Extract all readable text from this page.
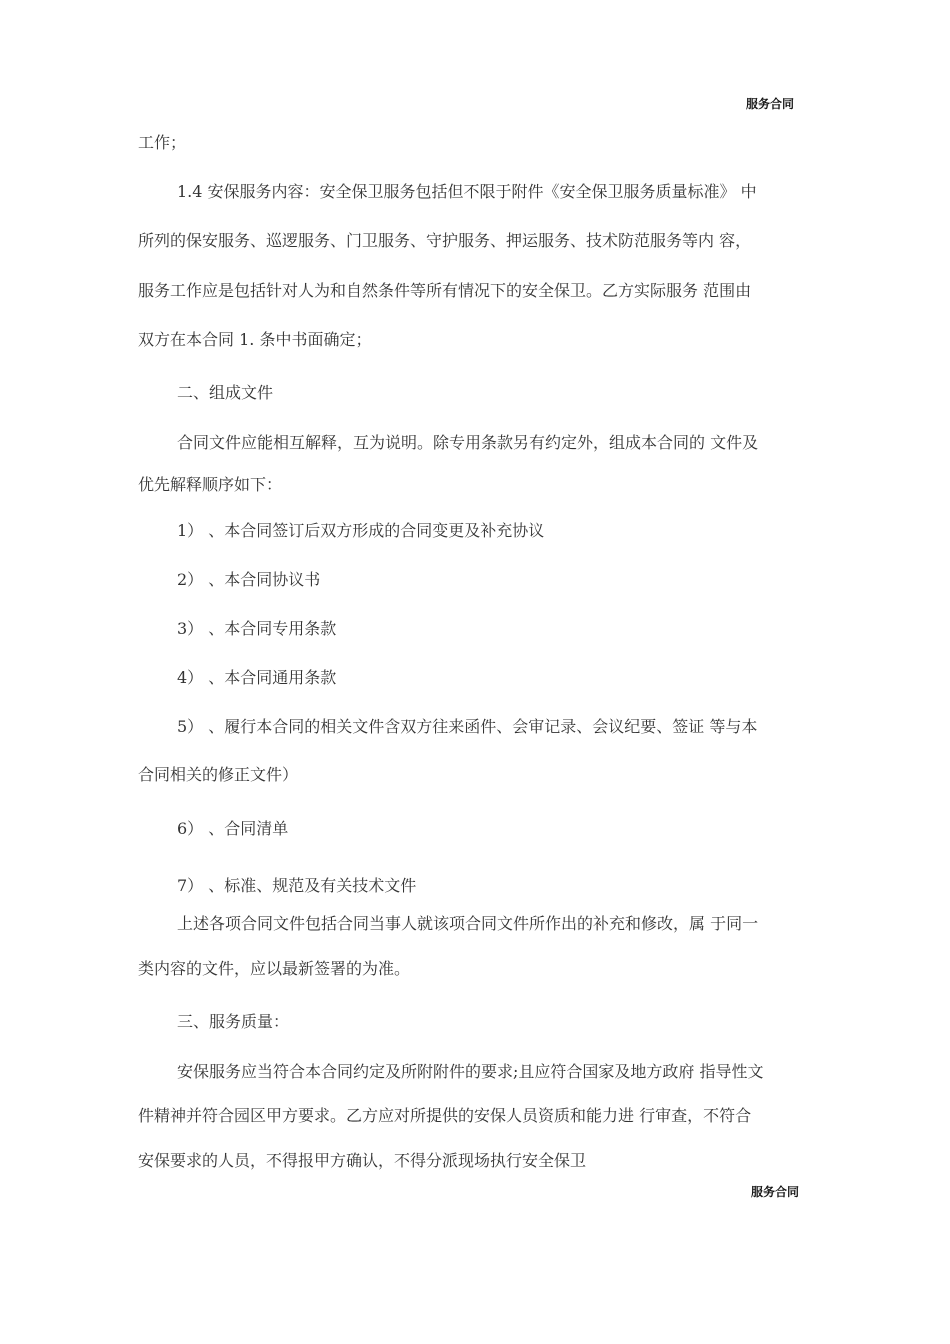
服务合同
工作；
1.4 安保服务内容：安全保卫服务包括但不限于附件《安全保卫服务质量标准》 中
所列的保安服务、巡逻服务、门卫服务、守护服务、押运服务、技术防范服务等内 容，
服务工作应是包括针对人为和自然条件等所有情况下的安全保卫。乙方实际服务 范围由
双方在本合同 1. 条中书面确定；
二、组成文件
合同文件应能相互解释，互为说明。除专用条款另有约定外，组成本合同的 文件及
优先解释顺序如下：
1） 、本合同签订后双方形成的合同变更及补充协议
2） 、本合同协议书
3） 、本合同专用条款
4） 、本合同通用条款
5） 、履行本合同的相关文件含双方往来函件、会审记录、会议纪要、签证 等与本
合同相关的修正文件）
6） 、合同清单
7） 、标准、规范及有关技术文件
上述各项合同文件包括合同当事人就该项合同文件所作出的补充和修改，属 于同一
类内容的文件，应以最新签署的为准。
三、服务质量：
安保服务应当符合本合同约定及所附附件的要求;且应符合国家及地方政府 指导性文
件精神并符合园区甲方要求。乙方应对所提供的安保人员资质和能力进 行审查，不符合
安保要求的人员，不得报甲方确认，不得分派现场执行安全保卫
服务合同
